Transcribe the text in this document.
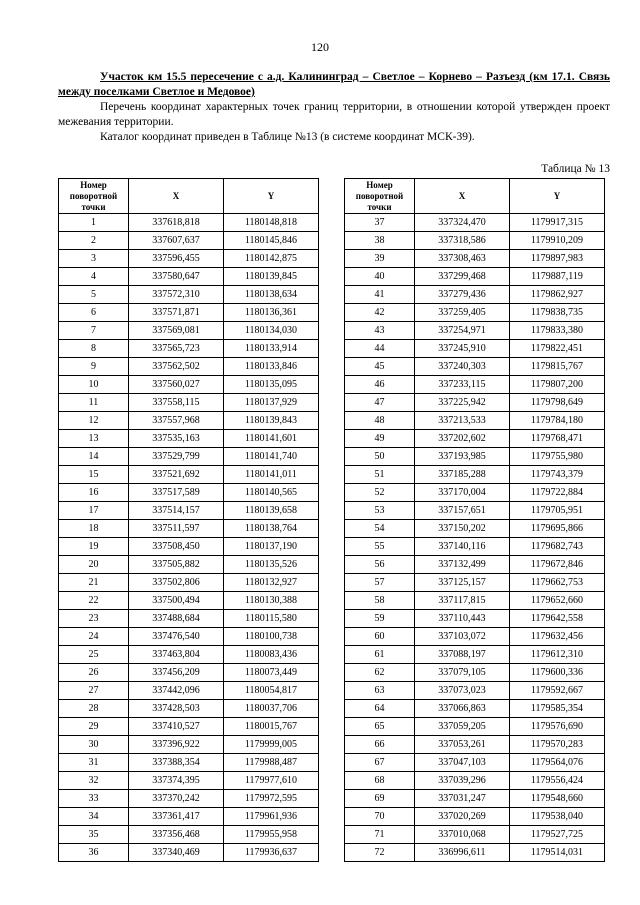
120
Участок км 15.5 пересечение с а.д. Калининград – Светлое – Корнево – Разъезд (км 17.1. Связь между поселками Светлое и Медовое)
Перечень координат характерных точек границ территории, в отношении которой утвержден проект межевания территории.
Каталог координат приведен в Таблице №13 (в системе координат МСК-39).
Таблица № 13
Номер поворотной точки	X	Y
1	337618,818	1180148,818
2	337607,637	1180145,846
3	337596,455	1180142,875
4	337580,647	1180139,845
5	337572,310	1180138,634
6	337571,871	1180136,361
7	337569,081	1180134,030
8	337565,723	1180133,914
9	337562,502	1180133,846
10	337560,027	1180135,095
11	337558,115	1180137,929
12	337557,968	1180139,843
13	337535,163	1180141,601
14	337529,799	1180141,740
15	337521,692	1180141,011
16	337517,589	1180140,565
17	337514,157	1180139,658
18	337511,597	1180138,764
19	337508,450	1180137,190
20	337505,882	1180135,526
21	337502,806	1180132,927
22	337500,494	1180130,388
23	337488,684	1180115,580
24	337476,540	1180100,738
25	337463,804	1180083,436
26	337456,209	1180073,449
27	337442,096	1180054,817
28	337428,503	1180037,706
29	337410,527	1180015,767
30	337396,922	1179999,005
31	337388,354	1179988,487
32	337374,395	1179977,610
33	337370,242	1179972,595
34	337361,417	1179961,936
35	337356,468	1179955,958
36	337340,469	1179936,637
Номер поворотной точки	X	Y
37	337324,470	1179917,315
38	337318,586	1179910,209
39	337308,463	1179897,983
40	337299,468	1179887,119
41	337279,436	1179862,927
42	337259,405	1179838,735
43	337254,971	1179833,380
44	337245,910	1179822,451
45	337240,303	1179815,767
46	337233,115	1179807,200
47	337225,942	1179798,649
48	337213,533	1179784,180
49	337202,602	1179768,471
50	337193,985	1179755,980
51	337185,288	1179743,379
52	337170,004	1179722,884
53	337157,651	1179705,951
54	337150,202	1179695,866
55	337140,116	1179682,743
56	337132,499	1179672,846
57	337125,157	1179662,753
58	337117,815	1179652,660
59	337110,443	1179642,558
60	337103,072	1179632,456
61	337088,197	1179612,310
62	337079,105	1179600,336
63	337073,023	1179592,667
64	337066,863	1179585,354
65	337059,205	1179576,690
66	337053,261	1179570,283
67	337047,103	1179564,076
68	337039,296	1179556,424
69	337031,247	1179548,660
70	337020,269	1179538,040
71	337010,068	1179527,725
72	336996,611	1179514,031
